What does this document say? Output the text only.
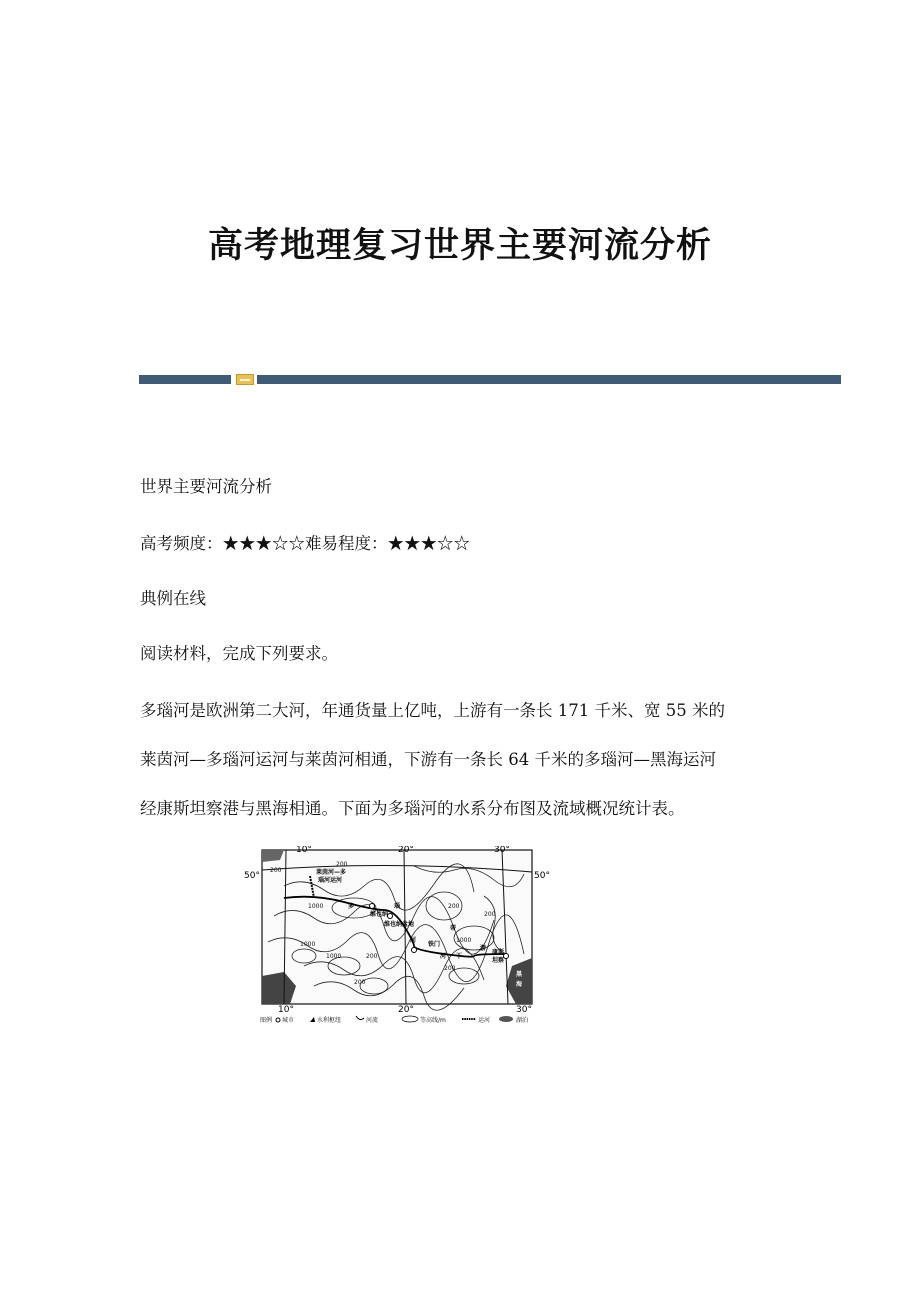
高考地理复习世界主要河流分析
世界主要河流分析
高考频度：★★★☆☆难易程度：★★★☆☆
典例在线
阅读材料，完成下列要求。
多瑙河是欧洲第二大河，年通货量上亿吨，上游有一条长 171 千米、宽 55 米的
莱茵河—多瑙河运河与莱茵河相通，下游有一条长 64 千米的多瑙河—黑海运河
经康斯坦察港与黑海相通。下面为多瑙河的水系分布图及流域概况统计表。
10°	20°	30°
10°	20°	30°
50°	50°
200
200
1000	200
1000
200
1000
200
200
1000
200
莱茵河—多
瑙河运河
维也纳
维也纳盆地
多	瑙
河
铁门
蒂
河 下
游
康斯
坦察
黑
海
图例 城市	水利枢纽	河流	等高线/m	运河	湖泊
